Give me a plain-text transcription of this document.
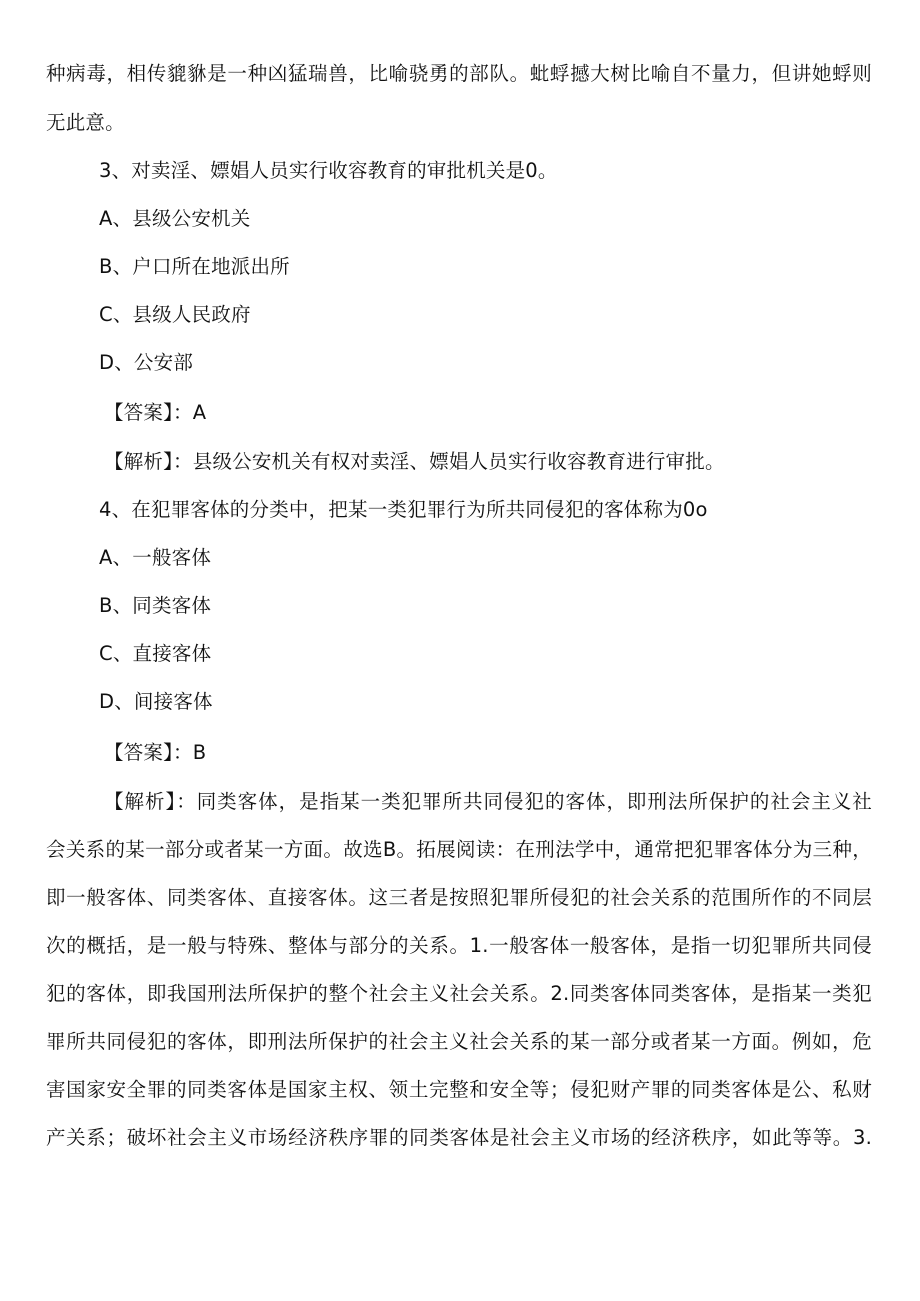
种病毒，相传貔貅是一种凶猛瑞兽，比喻骁勇的部队。蚍蜉撼大树比喻自不量力，但讲她蜉则
无此意。
3、对卖淫、嫖娼人员实行收容教育的审批机关是0。
A、县级公安机关
B、户口所在地派出所
C、县级人民政府
D、公安部
【答案】：A
【解析】：县级公安机关有权对卖淫、嫖娼人员实行收容教育进行审批。
4、在犯罪客体的分类中，把某一类犯罪行为所共同侵犯的客体称为0o
A、一般客体
B、同类客体
C、直接客体
D、间接客体
【答案】：B
【解析】：同类客体，是指某一类犯罪所共同侵犯的客体，即刑法所保护的社会主义社
会关系的某一部分或者某一方面。故选B。拓展阅读：在刑法学中，通常把犯罪客体分为三种，
即一般客体、同类客体、直接客体。这三者是按照犯罪所侵犯的社会关系的范围所作的不同层
次的概括，是一般与特殊、整体与部分的关系。1.一般客体一般客体，是指一切犯罪所共同侵
犯的客体，即我国刑法所保护的整个社会主义社会关系。2.同类客体同类客体，是指某一类犯
罪所共同侵犯的客体，即刑法所保护的社会主义社会关系的某一部分或者某一方面。例如，危
害国家安全罪的同类客体是国家主权、领土完整和安全等；侵犯财产罪的同类客体是公、私财
产关系；破坏社会主义市场经济秩序罪的同类客体是社会主义市场的经济秩序，如此等等。3.
